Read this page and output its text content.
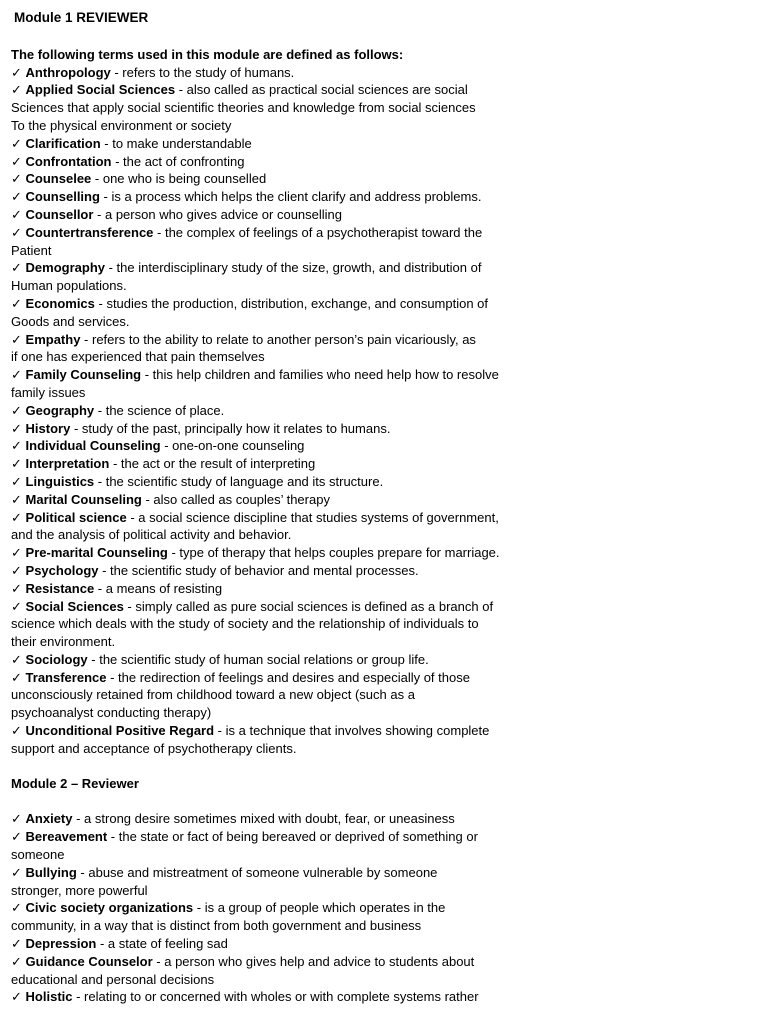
Module 1 REVIEWER
The following terms used in this module are defined as follows:
✓ Anthropology - refers to the study of humans.
✓ Applied Social Sciences - also called as practical social sciences are social
Sciences that apply social scientific theories and knowledge from social sciences
To the physical environment or society
✓ Clarification - to make understandable
✓ Confrontation - the act of confronting
✓ Counselee - one who is being counselled
✓ Counselling - is a process which helps the client clarify and address problems.
✓ Counsellor - a person who gives advice or counselling
✓ Countertransference - the complex of feelings of a psychotherapist toward the
Patient
✓ Demography - the interdisciplinary study of the size, growth, and distribution of
Human populations.
✓ Economics - studies the production, distribution, exchange, and consumption of
Goods and services.
✓ Empathy - refers to the ability to relate to another person’s pain vicariously, as
if one has experienced that pain themselves
✓ Family Counseling - this help children and families who need help how to resolve
family issues
✓ Geography - the science of place.
✓ History - study of the past, principally how it relates to humans.
✓ Individual Counseling - one-on-one counseling
✓ Interpretation - the act or the result of interpreting
✓ Linguistics - the scientific study of language and its structure.
✓ Marital Counseling - also called as couples’ therapy
✓ Political science - a social science discipline that studies systems of government,
and the analysis of political activity and behavior.
✓ Pre-marital Counseling - type of therapy that helps couples prepare for marriage.
✓ Psychology - the scientific study of behavior and mental processes.
✓ Resistance - a means of resisting
✓ Social Sciences - simply called as pure social sciences is defined as a branch of
science which deals with the study of society and the relationship of individuals to
their environment.
✓ Sociology - the scientific study of human social relations or group life.
✓ Transference - the redirection of feelings and desires and especially of those
unconsciously retained from childhood toward a new object (such as a
psychoanalyst conducting therapy)
✓ Unconditional Positive Regard - is a technique that involves showing complete
support and acceptance of psychotherapy clients.
Module 2 – Reviewer
✓ Anxiety - a strong desire sometimes mixed with doubt, fear, or uneasiness
✓ Bereavement - the state or fact of being bereaved or deprived of something or
someone
✓ Bullying - abuse and mistreatment of someone vulnerable by someone
stronger, more powerful
✓ Civic society organizations - is a group of people which operates in the
community, in a way that is distinct from both government and business
✓ Depression - a state of feeling sad
✓ Guidance Counselor - a person who gives help and advice to students about
educational and personal decisions
✓ Holistic - relating to or concerned with wholes or with complete systems rather
